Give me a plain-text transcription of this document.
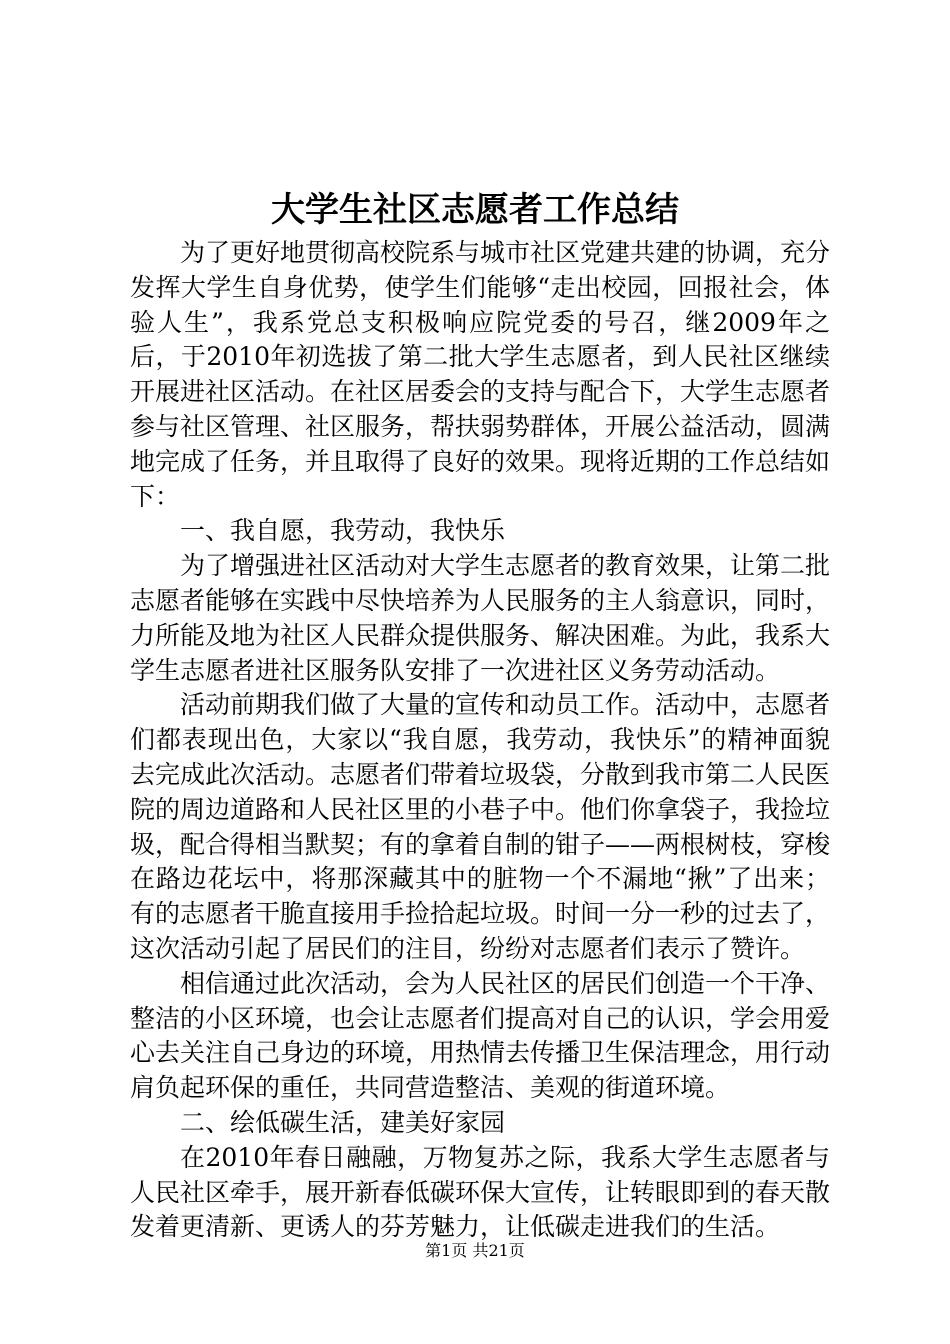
大学生社区志愿者工作总结

为了更好地贯彻高校院系与城市社区党建共建的协调，充分发挥大学生自身优势，使学生们能够“走出校园，回报社会，体验人生”，我系党总支积极响应院党委的号召，继2009年之后，于2010年初选拔了第二批大学生志愿者，到人民社区继续开展进社区活动。在社区居委会的支持与配合下，大学生志愿者参与社区管理、社区服务，帮扶弱势群体，开展公益活动，圆满地完成了任务，并且取得了良好的效果。现将近期的工作总结如下：

一、我自愿，我劳动，我快乐

为了增强进社区活动对大学生志愿者的教育效果，让第二批志愿者能够在实践中尽快培养为人民服务的主人翁意识，同时，力所能及地为社区人民群众提供服务、解决困难。为此，我系大学生志愿者进社区服务队安排了一次进社区义务劳动活动。

活动前期我们做了大量的宣传和动员工作。活动中，志愿者们都表现出色，大家以“我自愿，我劳动，我快乐”的精神面貌去完成此次活动。志愿者们带着垃圾袋，分散到我市第二人民医院的周边道路和人民社区里的小巷子中。他们你拿袋子，我捡垃圾，配合得相当默契；有的拿着自制的钳子——两根树枝，穿梭在路边花坛中，将那深藏其中的脏物一个不漏地“揪”了出来；有的志愿者干脆直接用手捡拾起垃圾。时间一分一秒的过去了，这次活动引起了居民们的注目，纷纷对志愿者们表示了赞许。

相信通过此次活动，会为人民社区的居民们创造一个干净、整洁的小区环境，也会让志愿者们提高对自己的认识，学会用爱心去关注自己身边的环境，用热情去传播卫生保洁理念，用行动肩负起环保的重任，共同营造整洁、美观的街道环境。

二、绘低碳生活，建美好家园

在2010年春日融融，万物复苏之际，我系大学生志愿者与人民社区牵手，展开新春低碳环保大宣传，让转眼即到的春天散发着更清新、更诱人的芬芳魅力，让低碳走进我们的生活。

第1页 共21页
